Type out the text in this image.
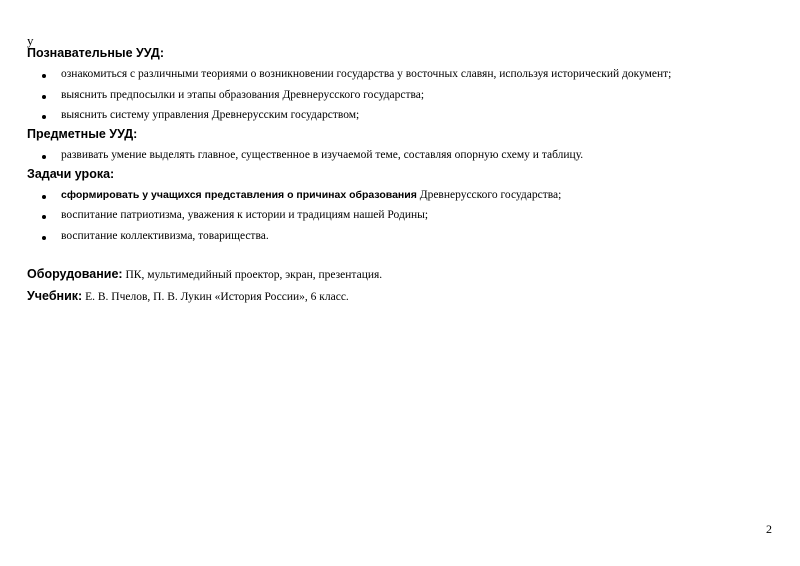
у
Познавательные УУД:
ознакомиться с различными теориями о возникновении государства у восточных славян, используя исторический документ;
выяснить предпосылки и этапы образования Древнерусского государства;
выяснить систему управления Древнерусским государством;
Предметные УУД:
развивать умение выделять главное, существенное в изучаемой теме, составляя опорную схему и таблицу.
Задачи урока:
сформировать у учащихся представления о причинах образования Древнерусского государства;
воспитание патриотизма, уважения к истории и традициям нашей Родины;
воспитание коллективизма, товарищества.
Оборудование: ПК, мультимедийный проектор, экран, презентация.
Учебник: Е. В. Пчелов, П. В. Лукин «История России», 6 класс.
2
